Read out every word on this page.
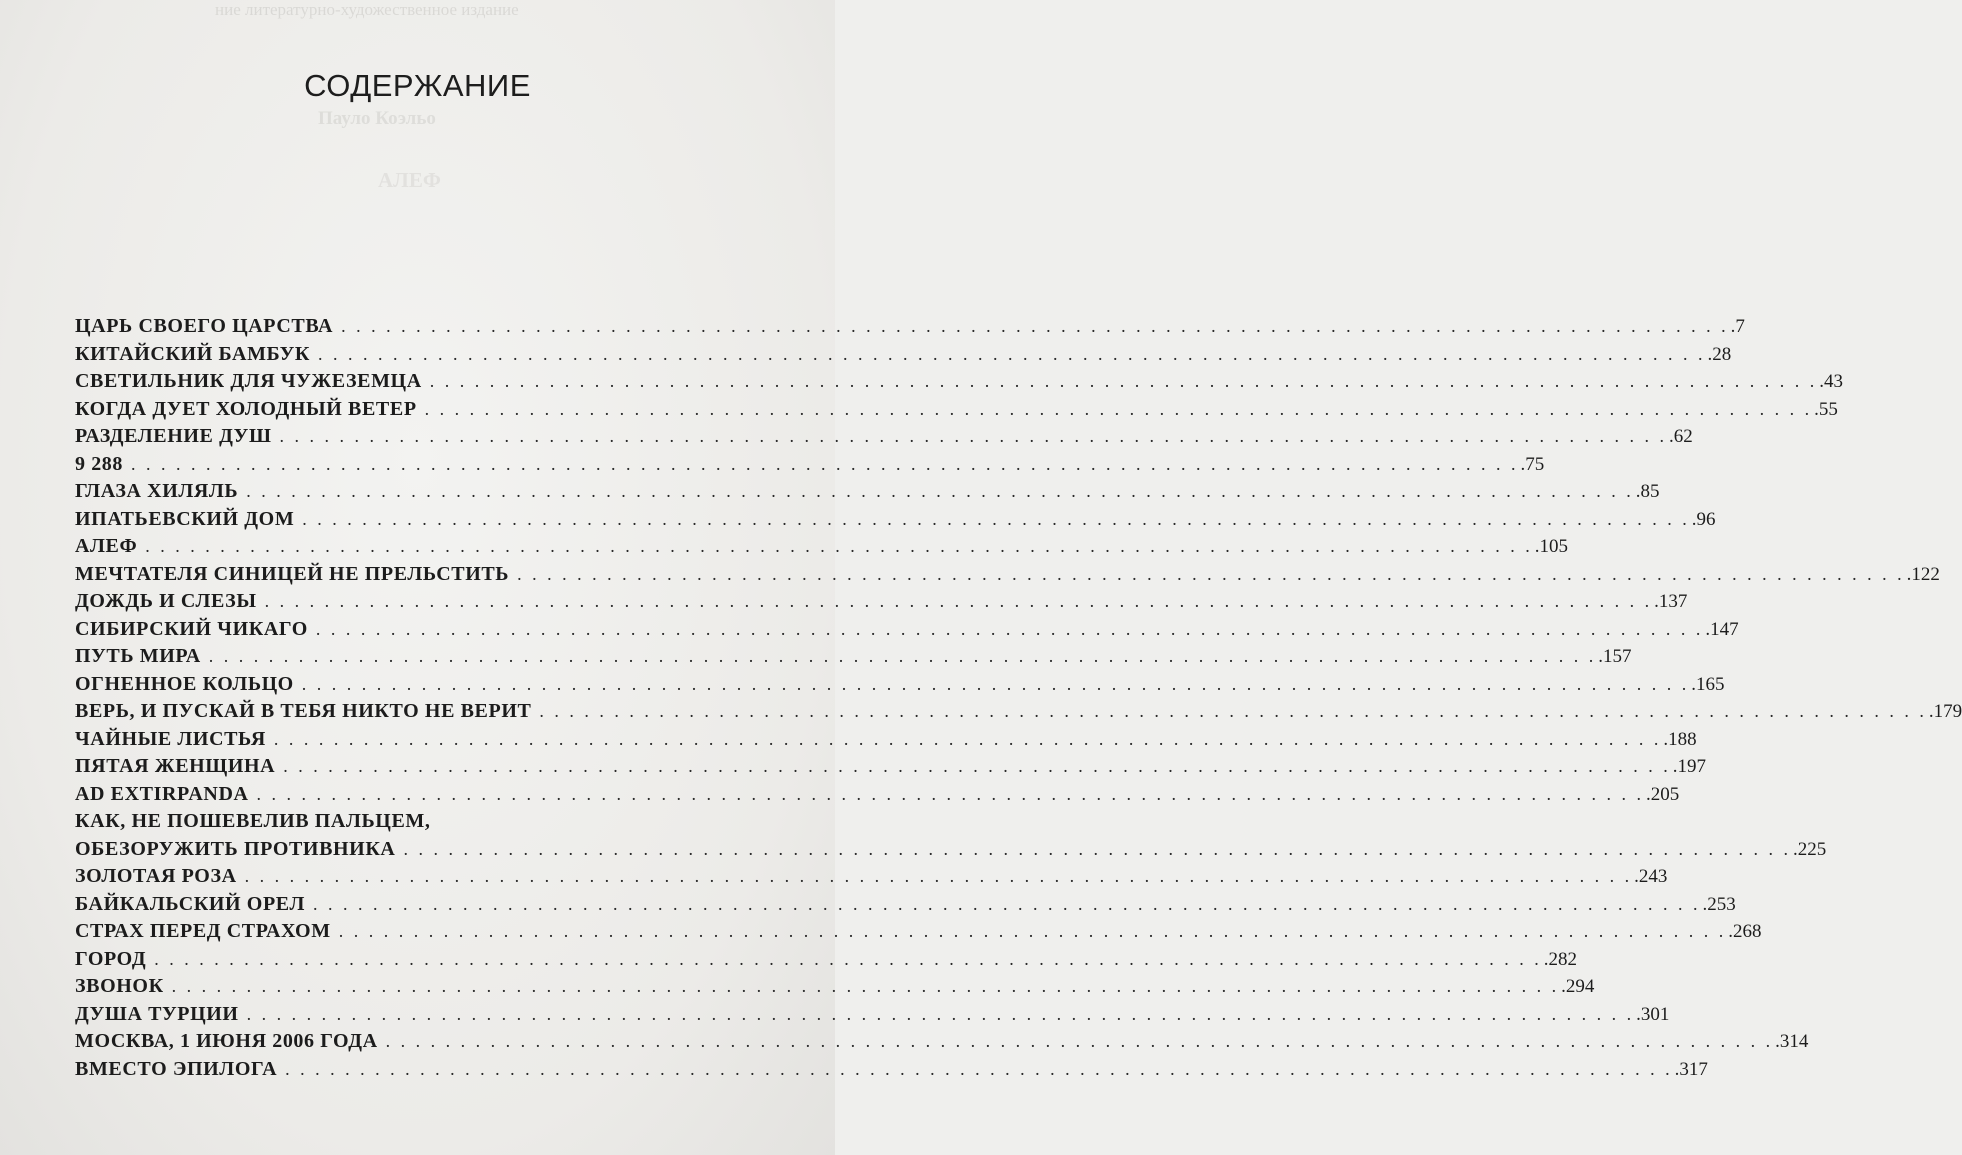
ние литературно-художественное издание
Пауло Коэльо
АЛЕФ
СОДЕРЖАНИЕ
ЦАРЬ СВОЕГО ЦАРСТВА . . . . . . . . . . . . . . . . . . . . . . . . . . . . . . . . . . . . . . . . . . . . . . . . . . . . . . . . . . . . . . . . . . . . . . . . . . . . . . . . . . . . . . . . . . . . . .7
КИТАЙСКИЙ БАМБУК . . . . . . . . . . . . . . . . . . . . . . . . . . . . . . . . . . . . . . . . . . . . . . . . . . . . . . . . . . . . . . . . . . . . . . . . . . . . . . . . . . . . . . . . . . . . . .28
СВЕТИЛЬНИК ДЛЯ ЧУЖЕЗЕМЦА . . . . . . . . . . . . . . . . . . . . . . . . . . . . . . . . . . . . . . . . . . . . . . . . . . . . . . . . . . . . . . . . . . . . . . . . . . . . . . . . . . . . . . . . . . . . . .43
КОГДА ДУЕТ ХОЛОДНЫЙ ВЕТЕР . . . . . . . . . . . . . . . . . . . . . . . . . . . . . . . . . . . . . . . . . . . . . . . . . . . . . . . . . . . . . . . . . . . . . . . . . . . . . . . . . . . . . . . . . . . . . .55
РАЗДЕЛЕНИЕ ДУШ . . . . . . . . . . . . . . . . . . . . . . . . . . . . . . . . . . . . . . . . . . . . . . . . . . . . . . . . . . . . . . . . . . . . . . . . . . . . . . . . . . . . . . . . . . . . . .62
9 288 . . . . . . . . . . . . . . . . . . . . . . . . . . . . . . . . . . . . . . . . . . . . . . . . . . . . . . . . . . . . . . . . . . . . . . . . . . . . . . . . . . . . . . . . . . . . . .75
ГЛАЗА ХИЛЯЛЬ . . . . . . . . . . . . . . . . . . . . . . . . . . . . . . . . . . . . . . . . . . . . . . . . . . . . . . . . . . . . . . . . . . . . . . . . . . . . . . . . . . . . . . . . . . . . . .85
ИПАТЬЕВСКИЙ ДОМ . . . . . . . . . . . . . . . . . . . . . . . . . . . . . . . . . . . . . . . . . . . . . . . . . . . . . . . . . . . . . . . . . . . . . . . . . . . . . . . . . . . . . . . . . . . . . .96
АЛЕФ . . . . . . . . . . . . . . . . . . . . . . . . . . . . . . . . . . . . . . . . . . . . . . . . . . . . . . . . . . . . . . . . . . . . . . . . . . . . . . . . . . . . . . . . . . . . . .105
МЕЧТАТЕЛЯ СИНИЦЕЙ НЕ ПРЕЛЬСТИТЬ . . . . . . . . . . . . . . . . . . . . . . . . . . . . . . . . . . . . . . . . . . . . . . . . . . . . . . . . . . . . . . . . . . . . . . . . . . . . . . . . . . . . . . . . . . . . . .122
ДОЖДЬ И СЛЕЗЫ . . . . . . . . . . . . . . . . . . . . . . . . . . . . . . . . . . . . . . . . . . . . . . . . . . . . . . . . . . . . . . . . . . . . . . . . . . . . . . . . . . . . . . . . . . . . . .137
СИБИРСКИЙ ЧИКАГО . . . . . . . . . . . . . . . . . . . . . . . . . . . . . . . . . . . . . . . . . . . . . . . . . . . . . . . . . . . . . . . . . . . . . . . . . . . . . . . . . . . . . . . . . . . . . .147
ПУТЬ МИРА . . . . . . . . . . . . . . . . . . . . . . . . . . . . . . . . . . . . . . . . . . . . . . . . . . . . . . . . . . . . . . . . . . . . . . . . . . . . . . . . . . . . . . . . . . . . . .157
ОГНЕННОЕ КОЛЬЦО . . . . . . . . . . . . . . . . . . . . . . . . . . . . . . . . . . . . . . . . . . . . . . . . . . . . . . . . . . . . . . . . . . . . . . . . . . . . . . . . . . . . . . . . . . . . . .165
ВЕРЬ, И ПУСКАЙ В ТЕБЯ НИКТО НЕ ВЕРИТ . . . . . . . . . . . . . . . . . . . . . . . . . . . . . . . . . . . . . . . . . . . . . . . . . . . . . . . . . . . . . . . . . . . . . . . . . . . . . . . . . . . . . . . . . . . . . .179
ЧАЙНЫЕ ЛИСТЬЯ . . . . . . . . . . . . . . . . . . . . . . . . . . . . . . . . . . . . . . . . . . . . . . . . . . . . . . . . . . . . . . . . . . . . . . . . . . . . . . . . . . . . . . . . . . . . . .188
ПЯТАЯ ЖЕНЩИНА . . . . . . . . . . . . . . . . . . . . . . . . . . . . . . . . . . . . . . . . . . . . . . . . . . . . . . . . . . . . . . . . . . . . . . . . . . . . . . . . . . . . . . . . . . . . . .197
AD EXTIRPANDA . . . . . . . . . . . . . . . . . . . . . . . . . . . . . . . . . . . . . . . . . . . . . . . . . . . . . . . . . . . . . . . . . . . . . . . . . . . . . . . . . . . . . . . . . . . . . .205
КАК, НЕ ПОШЕВЕЛИВ ПАЛЬЦЕМ,
ОБЕЗОРУЖИТЬ ПРОТИВНИКА . . . . . . . . . . . . . . . . . . . . . . . . . . . . . . . . . . . . . . . . . . . . . . . . . . . . . . . . . . . . . . . . . . . . . . . . . . . . . . . . . . . . . . . . . . . . . .225
ЗОЛОТАЯ РОЗА . . . . . . . . . . . . . . . . . . . . . . . . . . . . . . . . . . . . . . . . . . . . . . . . . . . . . . . . . . . . . . . . . . . . . . . . . . . . . . . . . . . . . . . . . . . . . .243
БАЙКАЛЬСКИЙ ОРЕЛ . . . . . . . . . . . . . . . . . . . . . . . . . . . . . . . . . . . . . . . . . . . . . . . . . . . . . . . . . . . . . . . . . . . . . . . . . . . . . . . . . . . . . . . . . . . . . .253
СТРАХ ПЕРЕД СТРАХОМ . . . . . . . . . . . . . . . . . . . . . . . . . . . . . . . . . . . . . . . . . . . . . . . . . . . . . . . . . . . . . . . . . . . . . . . . . . . . . . . . . . . . . . . . . . . . . .268
ГОРОД . . . . . . . . . . . . . . . . . . . . . . . . . . . . . . . . . . . . . . . . . . . . . . . . . . . . . . . . . . . . . . . . . . . . . . . . . . . . . . . . . . . . . . . . . . . . . .282
ЗВОНОК . . . . . . . . . . . . . . . . . . . . . . . . . . . . . . . . . . . . . . . . . . . . . . . . . . . . . . . . . . . . . . . . . . . . . . . . . . . . . . . . . . . . . . . . . . . . . .294
ДУША ТУРЦИИ . . . . . . . . . . . . . . . . . . . . . . . . . . . . . . . . . . . . . . . . . . . . . . . . . . . . . . . . . . . . . . . . . . . . . . . . . . . . . . . . . . . . . . . . . . . . . .301
МОСКВА, 1 ИЮНЯ 2006 ГОДА . . . . . . . . . . . . . . . . . . . . . . . . . . . . . . . . . . . . . . . . . . . . . . . . . . . . . . . . . . . . . . . . . . . . . . . . . . . . . . . . . . . . . . . . . . . . . .314
ВМЕСТО ЭПИЛОГА . . . . . . . . . . . . . . . . . . . . . . . . . . . . . . . . . . . . . . . . . . . . . . . . . . . . . . . . . . . . . . . . . . . . . . . . . . . . . . . . . . . . . . . . . . . . . .317
